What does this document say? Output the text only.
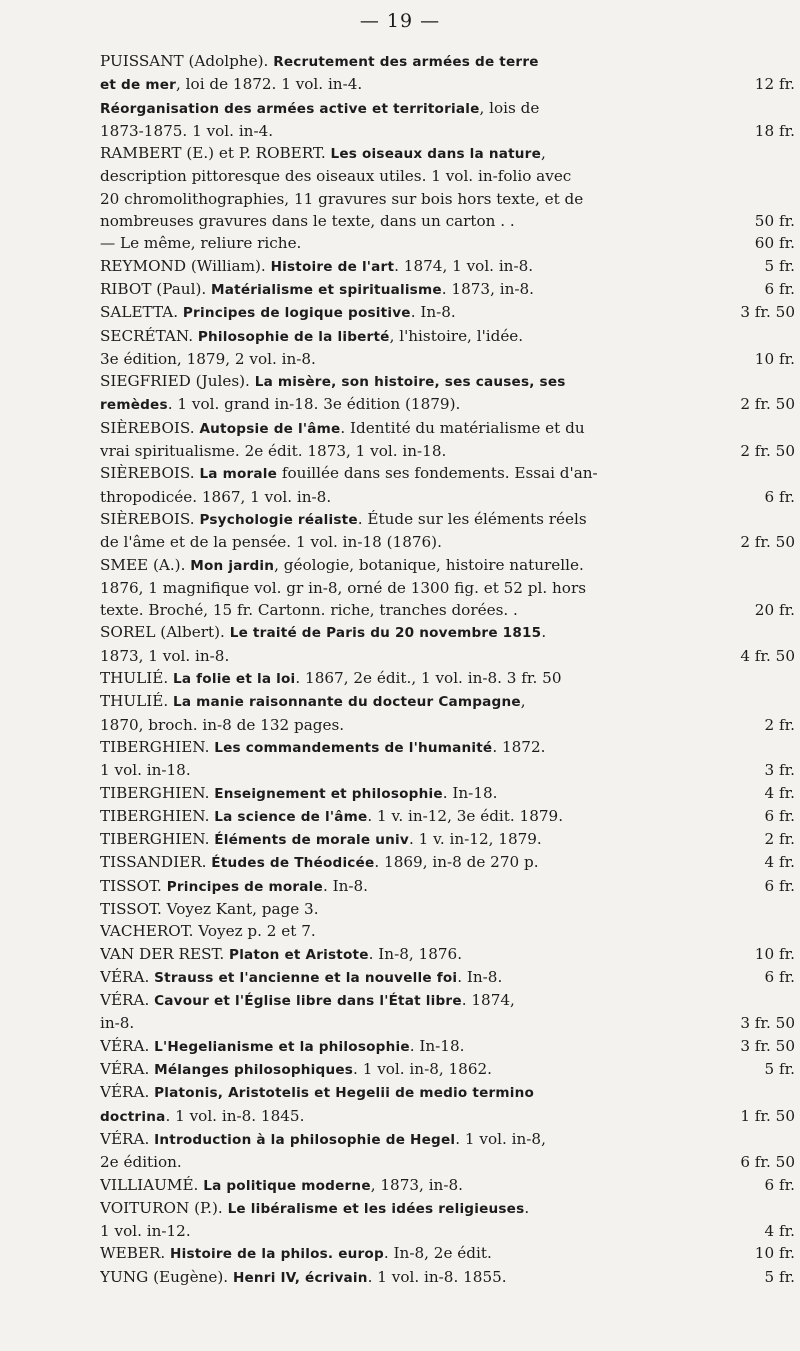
— 19 —
PUISSANT (Adolphe). Recrutement des armées de terre
et de mer, loi de 1872. 1 vol. in-4.	12 fr.
Réorganisation des armées active et territoriale, lois de
1873-1875. 1 vol. in-4.	18 fr.
RAMBERT (E.) et P. ROBERT. Les oiseaux dans la nature,
description pittoresque des oiseaux utiles. 1 vol. in-folio avec
20 chromolithographies, 11 gravures sur bois hors texte, et de
nombreuses gravures dans le texte, dans un carton . .	50 fr.
— Le même, reliure riche.	60 fr.
REYMOND (William). Histoire de l'art. 1874, 1 vol. in-8.	5 fr.
RIBOT (Paul). Matérialisme et spiritualisme. 1873, in-8.	6 fr.
SALETTA. Principes de logique positive. In-8.	3 fr. 50
SECRÉTAN. Philosophie de la liberté, l'histoire, l'idée.
3e édition, 1879, 2 vol. in-8.	10 fr.
SIEGFRIED (Jules). La misère, son histoire, ses causes, ses
remèdes. 1 vol. grand in-18. 3e édition (1879).	2 fr. 50
SIÈREBOIS. Autopsie de l'âme. Identité du matérialisme et du
vrai spiritualisme. 2e édit. 1873, 1 vol. in-18.	2 fr. 50
SIÈREBOIS. La morale fouillée dans ses fondements. Essai d'an-
thropodicée. 1867, 1 vol. in-8.	6 fr.
SIÈREBOIS. Psychologie réaliste. Étude sur les éléments réels
de l'âme et de la pensée. 1 vol. in-18 (1876).	2 fr. 50
SMEE (A.). Mon jardin, géologie, botanique, histoire naturelle.
1876, 1 magnifique vol. gr in-8, orné de 1300 fig. et 52 pl. hors
texte. Broché, 15 fr. Cartonn. riche, tranches dorées. .	20 fr.
SOREL (Albert). Le traité de Paris du 20 novembre 1815.
1873, 1 vol. in-8.	4 fr. 50
THULIÉ. La folie et la loi. 1867, 2e édit., 1 vol. in-8. 3 fr. 50
THULIÉ. La manie raisonnante du docteur Campagne,
1870, broch. in-8 de 132 pages.	2 fr.
TIBERGHIEN. Les commandements de l'humanité. 1872.
1 vol. in-18.	3 fr.
TIBERGHIEN. Enseignement et philosophie. In-18.	4 fr.
TIBERGHIEN. La science de l'âme. 1 v. in-12, 3e édit. 1879.	6 fr.
TIBERGHIEN. Éléments de morale univ. 1 v. in-12, 1879.	2 fr.
TISSANDIER. Études de Théodicée. 1869, in-8 de 270 p.	4 fr.
TISSOT. Principes de morale. In-8.	6 fr.
TISSOT. Voyez Kant, page 3.
VACHEROT. Voyez p. 2 et 7.
VAN DER REST. Platon et Aristote. In-8, 1876.	10 fr.
VÉRA. Strauss et l'ancienne et la nouvelle foi. In-8.	6 fr.
VÉRA. Cavour et l'Église libre dans l'État libre. 1874,
in-8.	3 fr. 50
VÉRA. L'Hegelianisme et la philosophie. In-18.	3 fr. 50
VÉRA. Mélanges philosophiques. 1 vol. in-8, 1862.	5 fr.
VÉRA. Platonis, Aristotelis et Hegelii de medio termino
doctrina. 1 vol. in-8. 1845.	1 fr. 50
VÉRA. Introduction à la philosophie de Hegel. 1 vol. in-8,
2e édition.	6 fr. 50
VILLIAUMÉ. La politique moderne, 1873, in-8.	6 fr.
VOITURON (P.). Le libéralisme et les idées religieuses.
1 vol. in-12.	4 fr.
WEBER. Histoire de la philos. europ. In-8, 2e édit.	10 fr.
YUNG (Eugène). Henri IV, écrivain. 1 vol. in-8. 1855.	5 fr.
